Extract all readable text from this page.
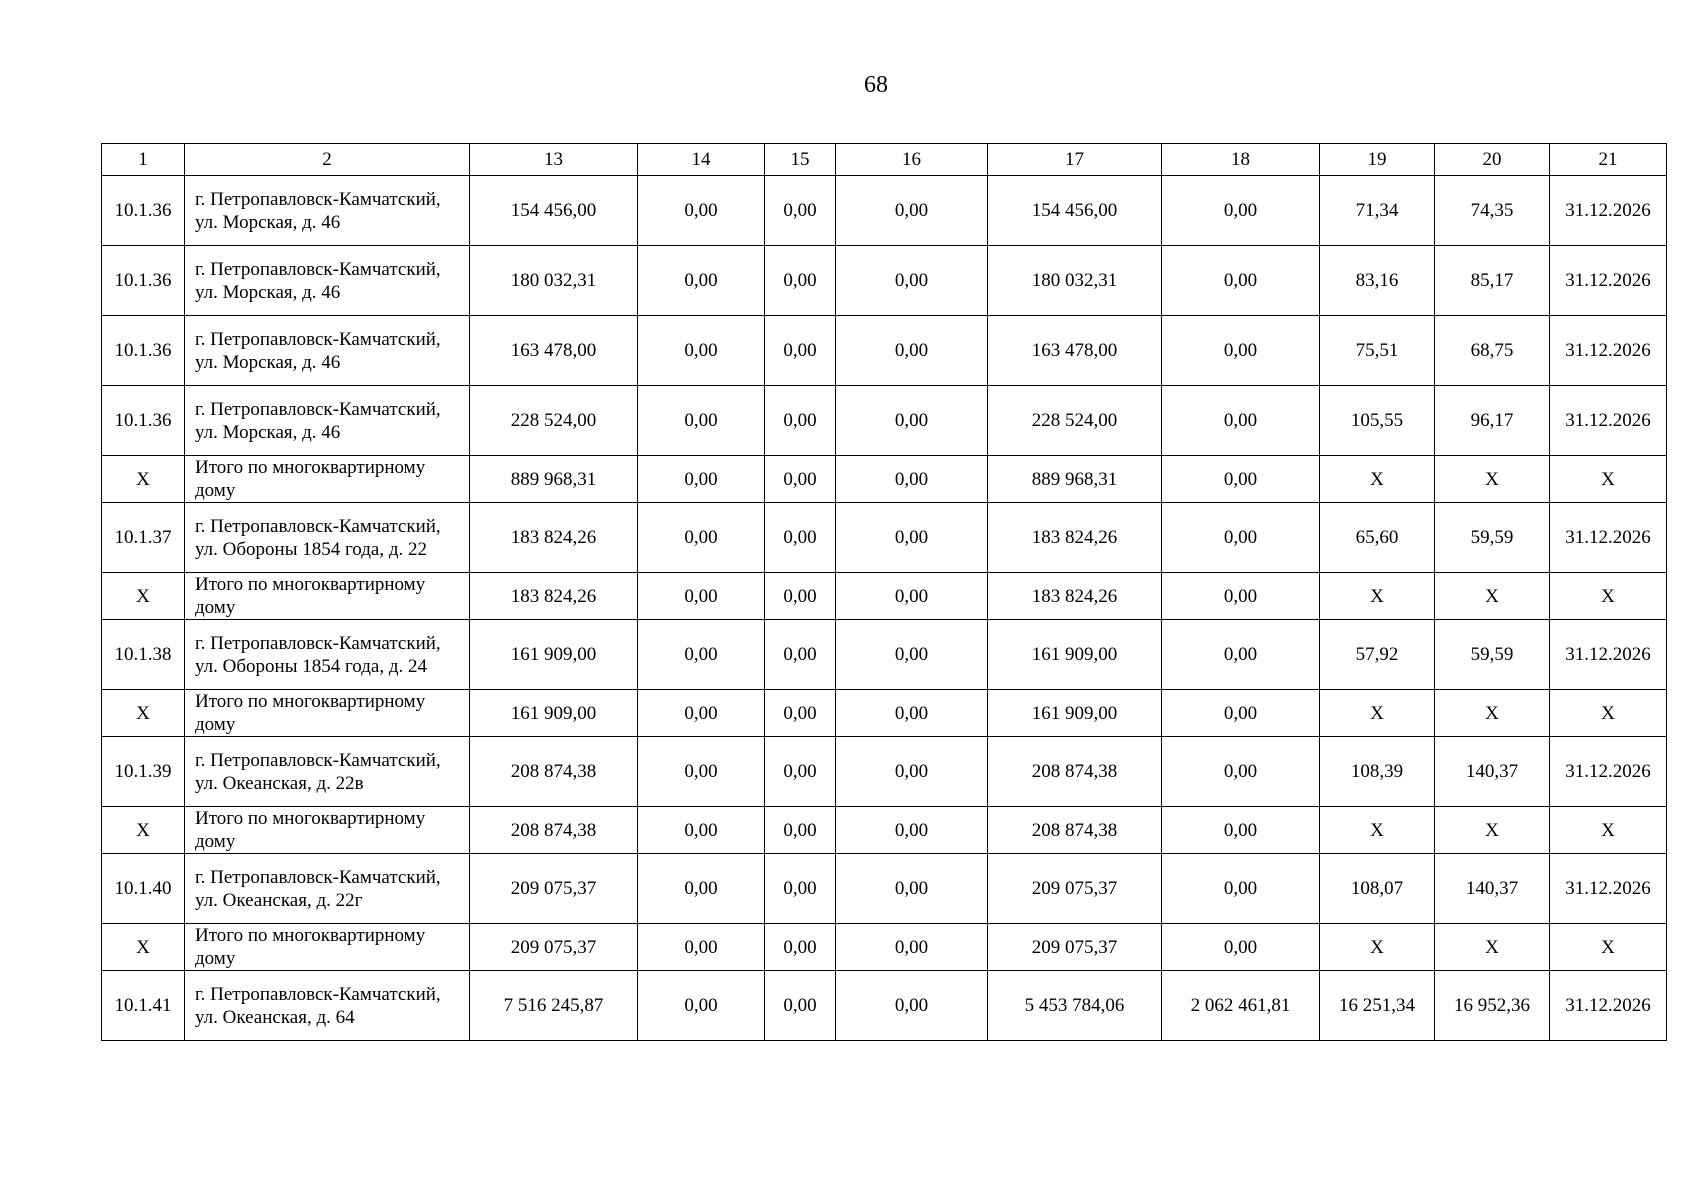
68
1	2	13	14	15	16	17	18	19	20	21
10.1.36	г. Петропавловск-Камчатский, ул. Морская, д. 46	154 456,00	0,00	0,00	0,00	154 456,00	0,00	71,34	74,35	31.12.2026
10.1.36	г. Петропавловск-Камчатский, ул. Морская, д. 46	180 032,31	0,00	0,00	0,00	180 032,31	0,00	83,16	85,17	31.12.2026
10.1.36	г. Петропавловск-Камчатский, ул. Морская, д. 46	163 478,00	0,00	0,00	0,00	163 478,00	0,00	75,51	68,75	31.12.2026
10.1.36	г. Петропавловск-Камчатский, ул. Морская, д. 46	228 524,00	0,00	0,00	0,00	228 524,00	0,00	105,55	96,17	31.12.2026
Х	Итого по многоквартирному дому	889 968,31	0,00	0,00	0,00	889 968,31	0,00	Х	Х	Х
10.1.37	г. Петропавловск-Камчатский, ул. Обороны 1854 года, д. 22	183 824,26	0,00	0,00	0,00	183 824,26	0,00	65,60	59,59	31.12.2026
Х	Итого по многоквартирному дому	183 824,26	0,00	0,00	0,00	183 824,26	0,00	Х	Х	Х
10.1.38	г. Петропавловск-Камчатский, ул. Обороны 1854 года, д. 24	161 909,00	0,00	0,00	0,00	161 909,00	0,00	57,92	59,59	31.12.2026
Х	Итого по многоквартирному дому	161 909,00	0,00	0,00	0,00	161 909,00	0,00	Х	Х	Х
10.1.39	г. Петропавловск-Камчатский, ул. Океанская, д. 22в	208 874,38	0,00	0,00	0,00	208 874,38	0,00	108,39	140,37	31.12.2026
Х	Итого по многоквартирному дому	208 874,38	0,00	0,00	0,00	208 874,38	0,00	Х	Х	Х
10.1.40	г. Петропавловск-Камчатский, ул. Океанская, д. 22г	209 075,37	0,00	0,00	0,00	209 075,37	0,00	108,07	140,37	31.12.2026
Х	Итого по многоквартирному дому	209 075,37	0,00	0,00	0,00	209 075,37	0,00	Х	Х	Х
10.1.41	г. Петропавловск-Камчатский, ул. Океанская, д. 64	7 516 245,87	0,00	0,00	0,00	5 453 784,06	2 062 461,81	16 251,34	16 952,36	31.12.2026
